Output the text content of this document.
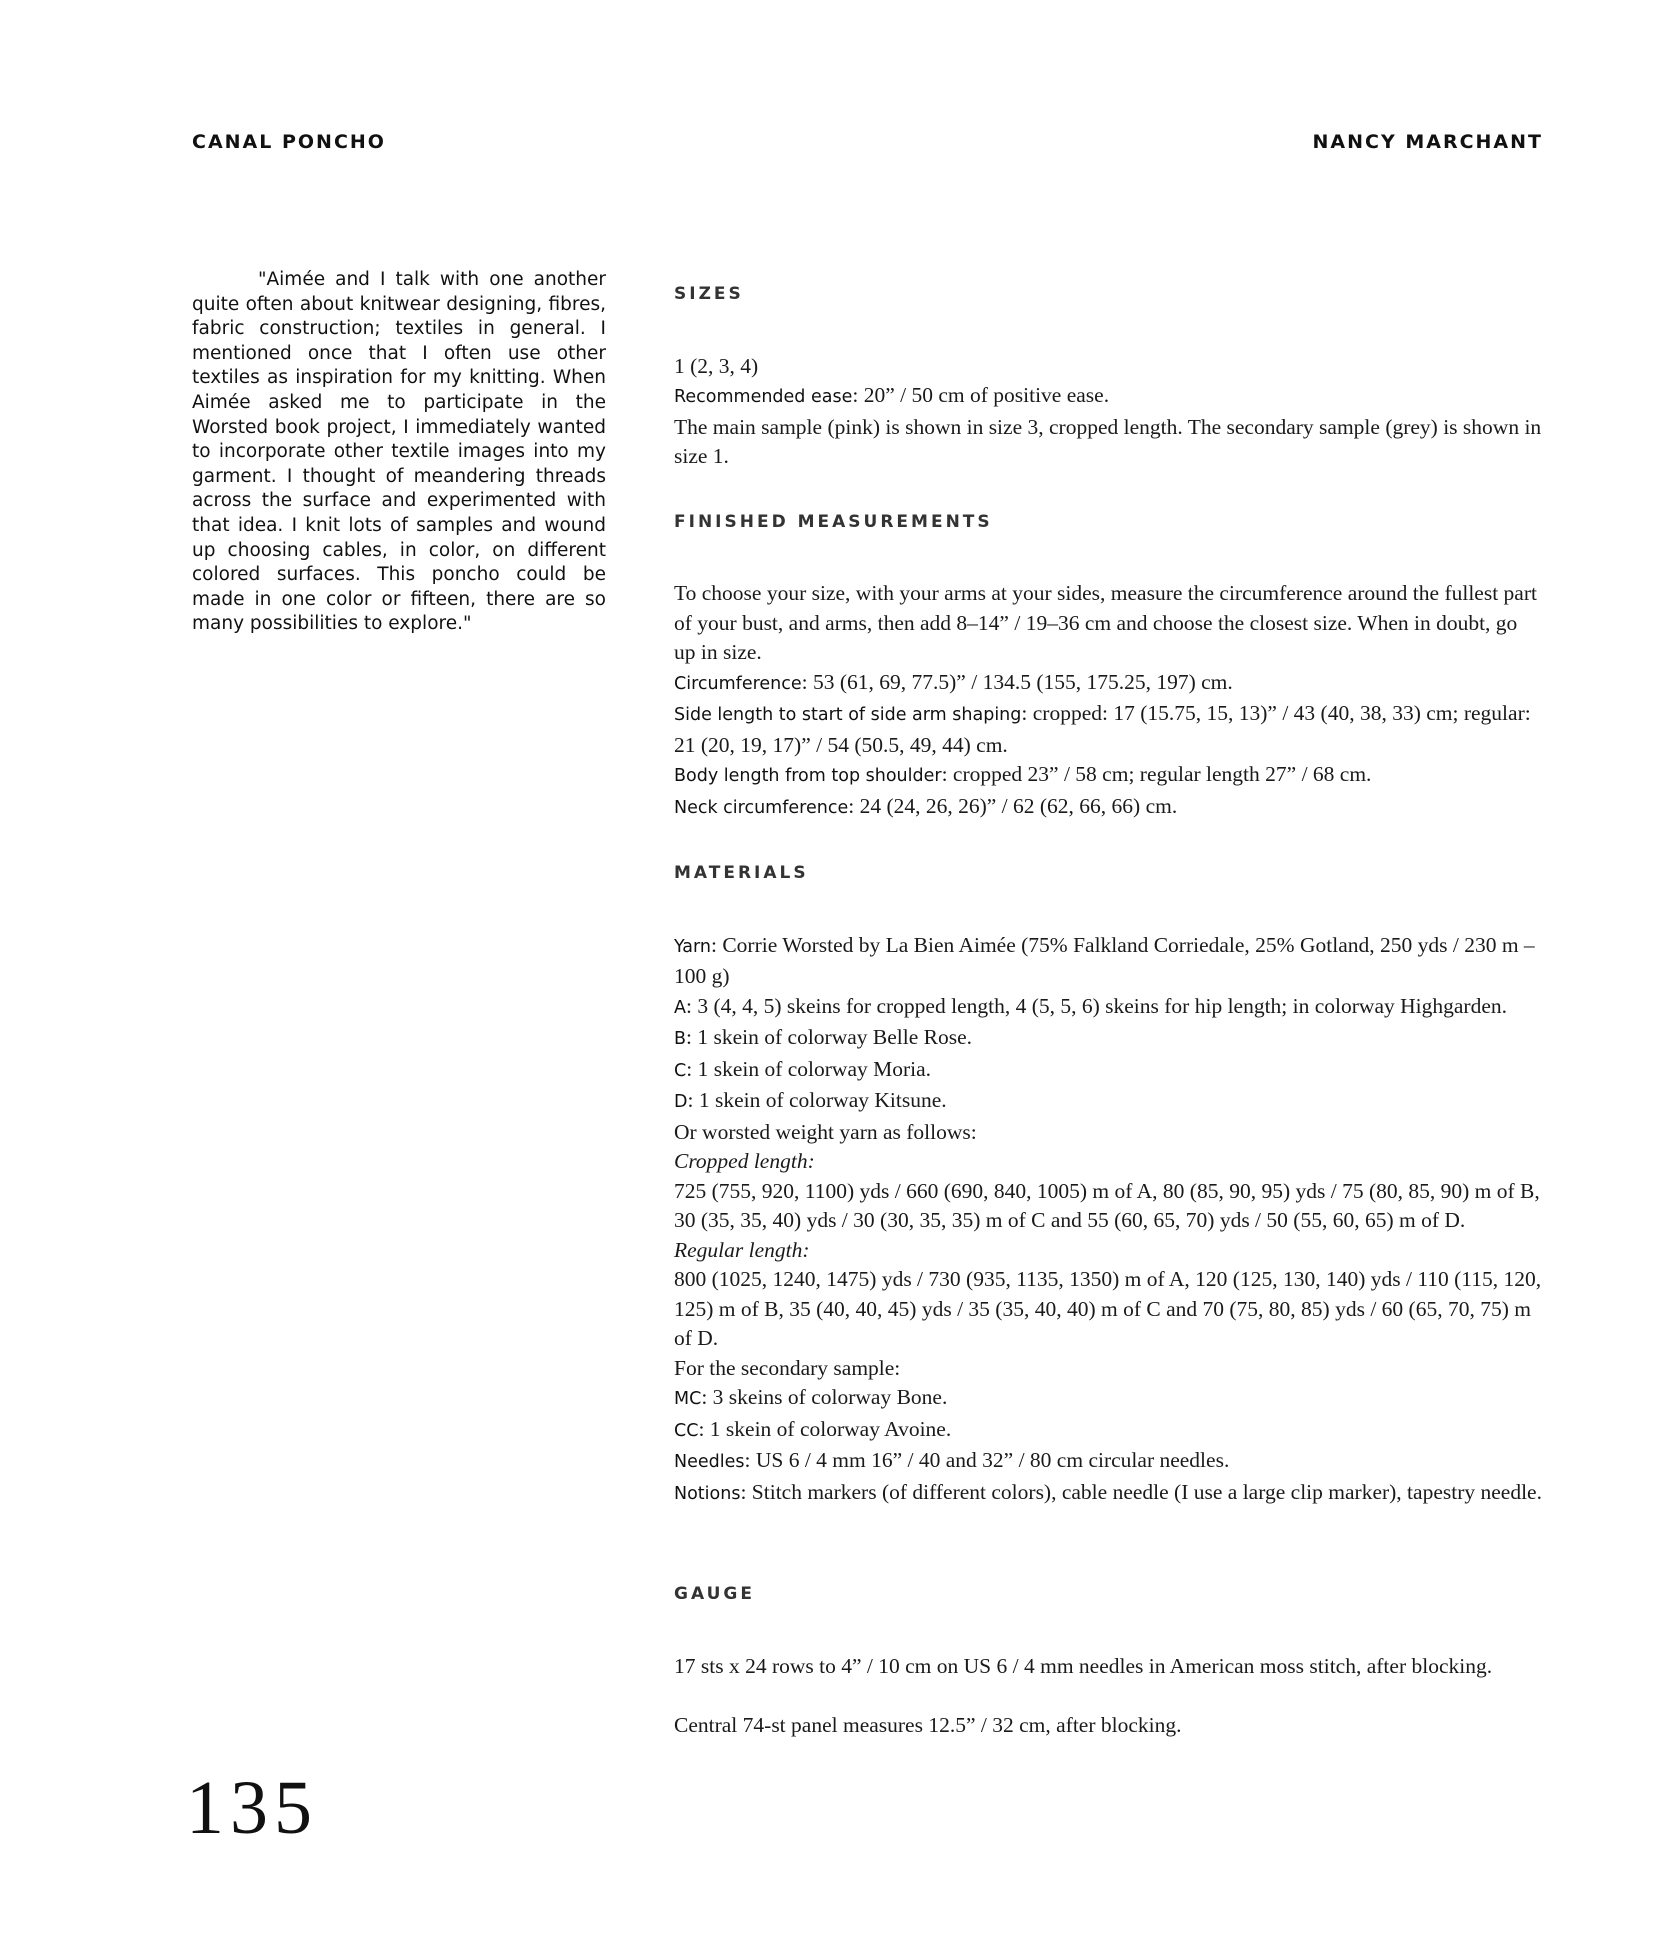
CANAL PONCHO	NANCY MARCHANT
"Aimée and I talk with one another quite often about knitwear designing, fibres, fabric construction; textiles in general. I mentioned once that I often use other textiles as inspiration for my knitting. When Aimée asked me to participate in the Worsted book project, I immediately wanted to incorporate other textile images into my garment. I thought of meandering threads across the surface and experimented with that idea. I knit lots of samples and wound up choosing cables, in color, on different colored surfaces. This poncho could be made in one color or fifteen, there are so many possibilities to explore."
SIZES

1 (2, 3, 4)

Recommended ease: 20” / 50 cm of positive ease.

The main sample (pink) is shown in size 3, cropped length. The secondary sample (grey) is shown in size 1.

FINISHED MEASUREMENTS

To choose your size, with your arms at your sides, measure the circumference around the fullest part of your bust, and arms, then add 8–14” / 19–36 cm and choose the closest size. When in doubt, go up in size.

Circumference: 53 (61, 69, 77.5)” / 134.5 (155, 175.25, 197) cm.

Side length to start of side arm shaping: cropped: 17 (15.75, 15, 13)” / 43 (40, 38, 33) cm; regular: 21 (20, 19, 17)” / 54 (50.5, 49, 44) cm.

Body length from top shoulder: cropped 23” / 58 cm; regular length 27” / 68 cm.

Neck circumference: 24 (24, 26, 26)” / 62 (62, 66, 66) cm.

MATERIALS

Yarn: Corrie Worsted by La Bien Aimée (75% Falkland Corriedale, 25% Gotland, 250 yds / 230 m – 100 g)

A: 3 (4, 4, 5) skeins for cropped length, 4 (5, 5, 6) skeins for hip length; in colorway Highgarden.

B: 1 skein of colorway Belle Rose.

C: 1 skein of colorway Moria.

D: 1 skein of colorway Kitsune.

Or worsted weight yarn as follows:

Cropped length:

725 (755, 920, 1100) yds / 660 (690, 840, 1005) m of A, 80 (85, 90, 95) yds / 75 (80, 85, 90) m of B, 30 (35, 35, 40) yds / 30 (30, 35, 35) m of C and 55 (60, 65, 70) yds / 50 (55, 60, 65) m of D.

Regular length:

800 (1025, 1240, 1475) yds / 730 (935, 1135, 1350) m of A, 120 (125, 130, 140) yds / 110 (115, 120, 125) m of B, 35 (40, 40, 45) yds / 35 (35, 40, 40) m of C and 70 (75, 80, 85) yds / 60 (65, 70, 75) m of D.

For the secondary sample:

MC: 3 skeins of colorway Bone.

CC: 1 skein of colorway Avoine.

Needles: US 6 / 4 mm 16” / 40 and 32” / 80 cm circular needles.

Notions: Stitch markers (of different colors), cable needle (I use a large clip marker), tapestry needle.

GAUGE

17 sts x 24 rows to 4” / 10 cm on US 6 / 4 mm needles in American moss stitch, after blocking.

Central 74-st panel measures 12.5” / 32 cm, after blocking.

135
